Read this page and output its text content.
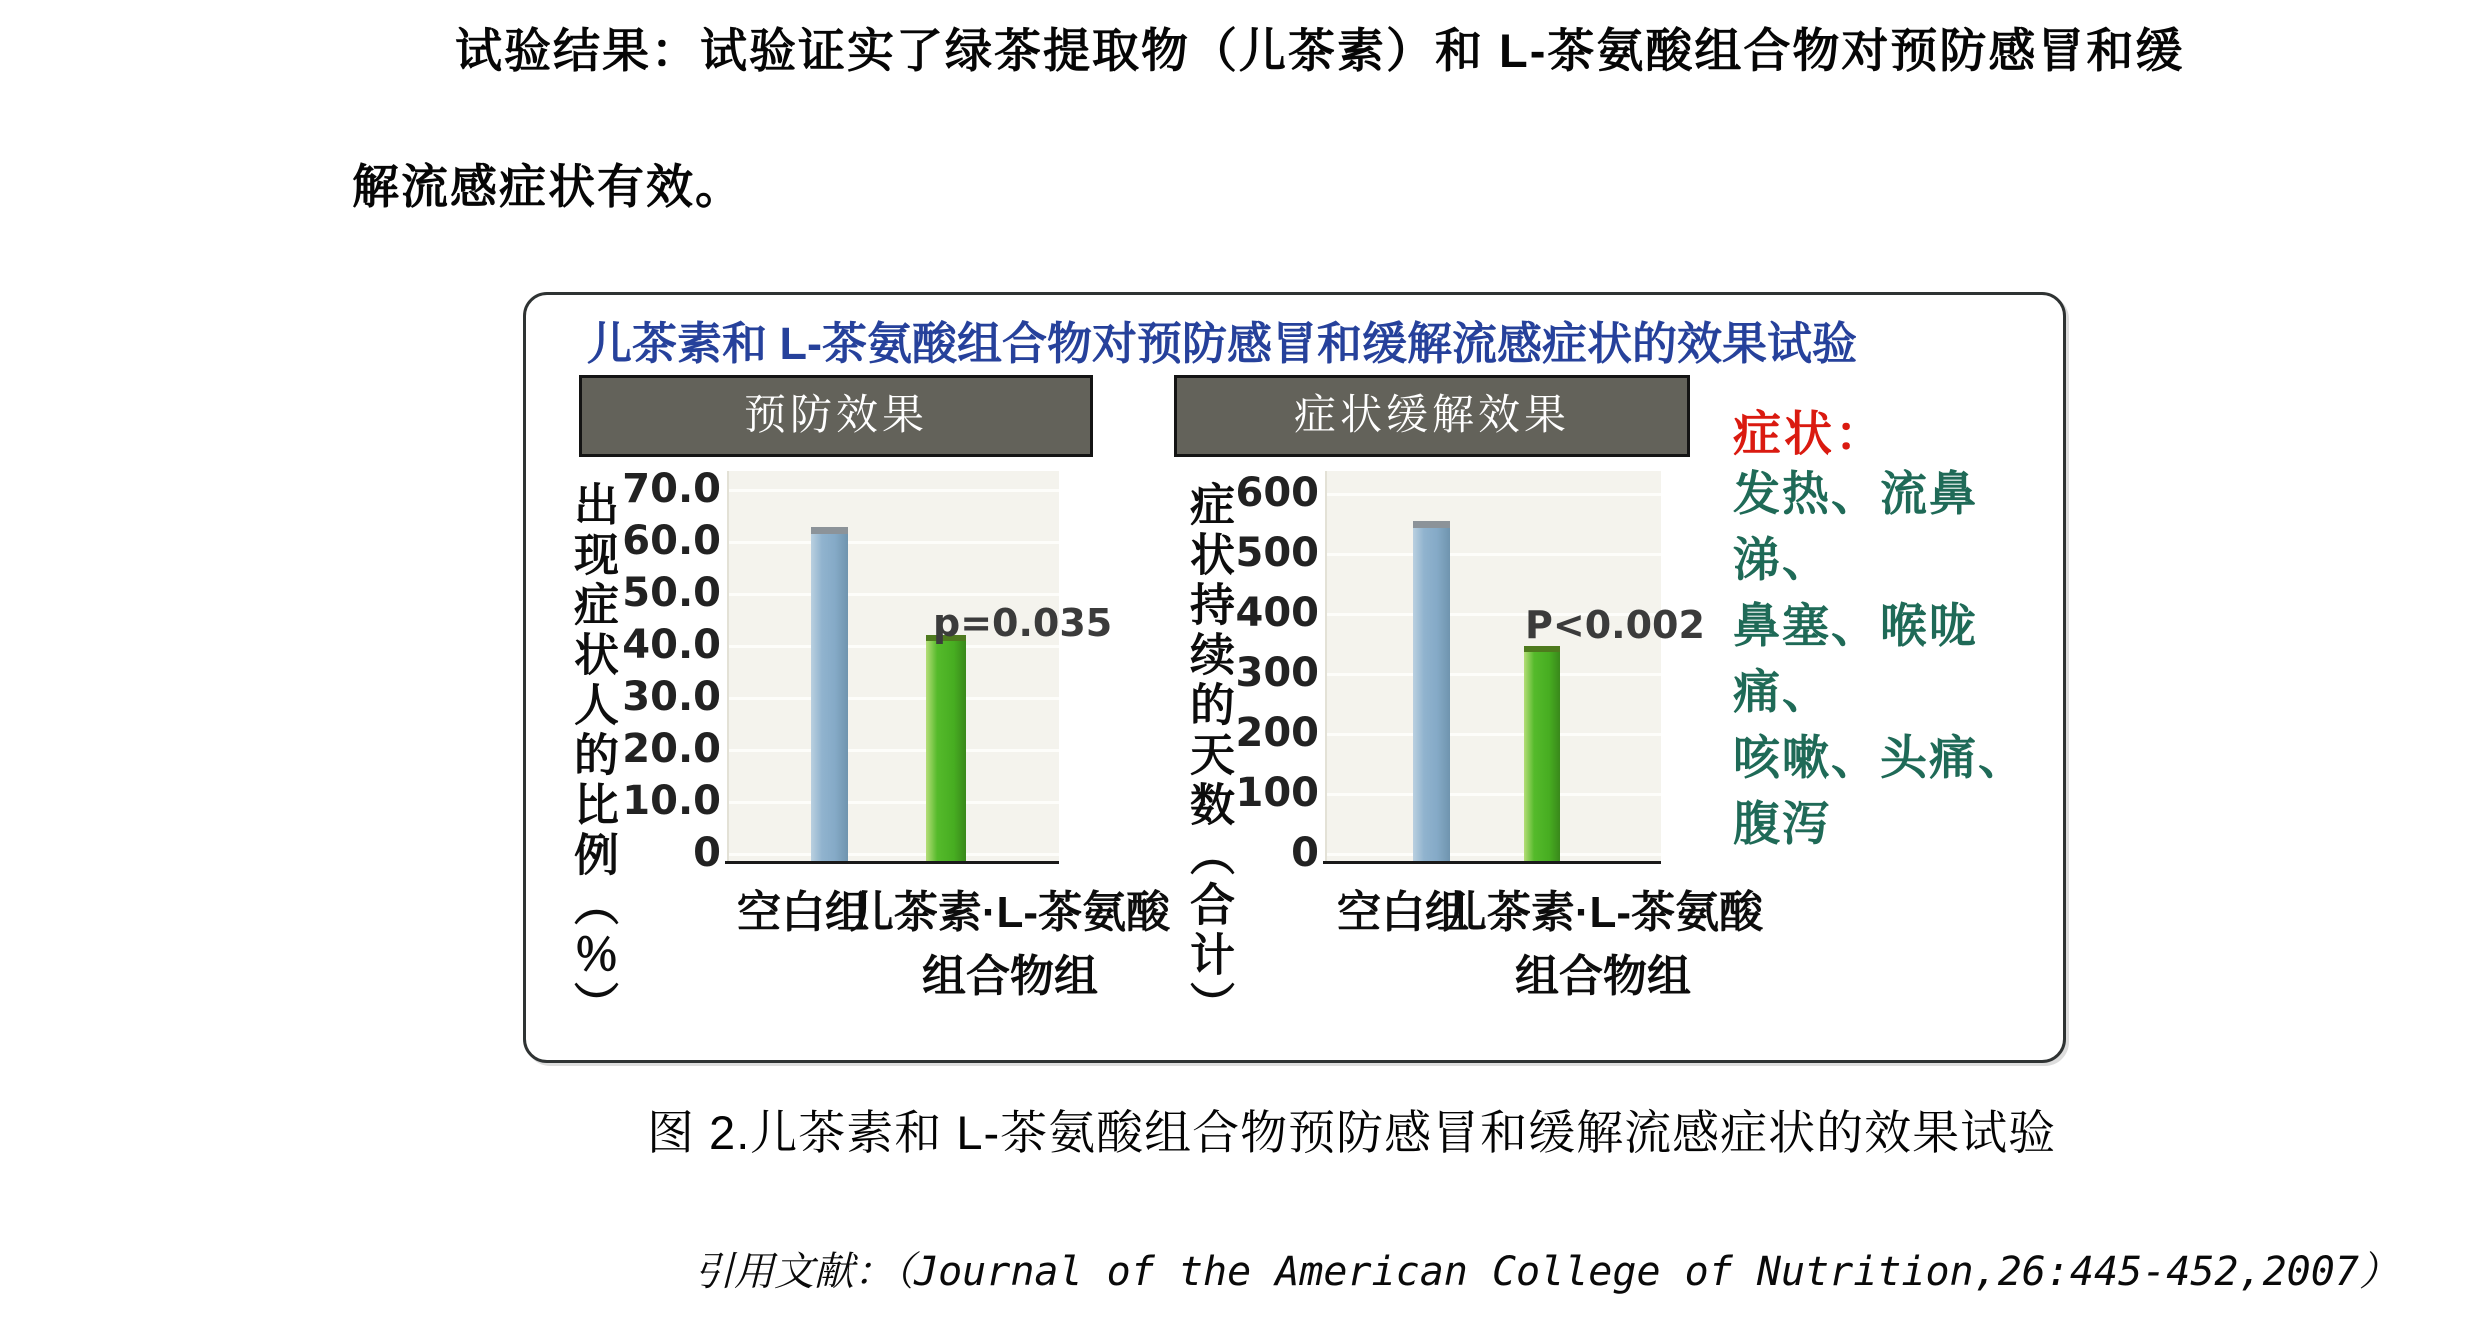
试验结果：试验证实了绿茶提取物（儿茶素）和 L-茶氨酸组合物对预防感冒和缓
解流感症状有效。
儿茶素和 L-茶氨酸组合物对预防感冒和缓解流感症状的效果试验
预防效果	症状缓解效果
出现症状人的比例（％） 70.0
60.0
50.0
40.0
30.0
20.0
10.0
0
p=0.035
空白组
儿茶素·L-茶氨酸
组合物组	症状持续的天数（合计） 600
500
400
300
200
100
0
P<0.002
空白组
儿茶素·L-茶氨酸
组合物组
症状：
发热、流鼻涕、
鼻塞、喉咙痛、
咳嗽、头痛、
腹泻
图 2.儿茶素和 L-茶氨酸组合物预防感冒和缓解流感症状的效果试验
引用文献：（Journal of the American College of Nutrition,26:445-452,2007）
